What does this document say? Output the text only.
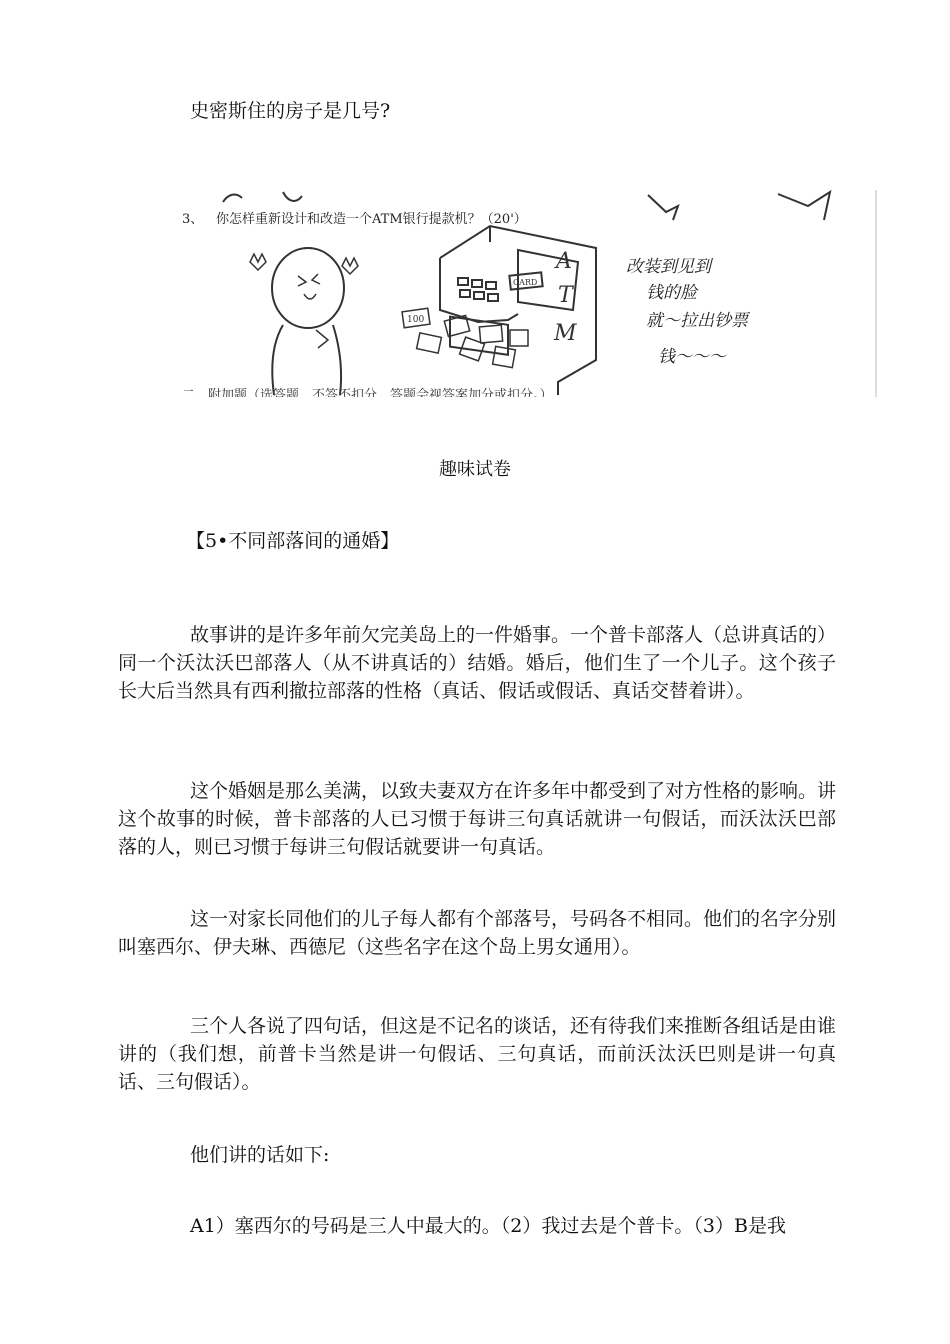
史密斯住的房子是几号?
3、 你怎样重新设计和改造一个ATM银行提款机？（20'）
100
CARD
A
T
M
改装到见到
钱的脸
就～拉出钞票
钱～～～
二、附加题（选答题，不答不扣分，答题会视答案加分或扣分。）
趣味试卷
【5•不同部落间的通婚】

故事讲的是许多年前欠完美岛上的一件婚事。一个普卡部落人（总讲真话的）同一个沃汰沃巴部落人（从不讲真话的）结婚。婚后，他们生了一个儿子。这个孩子长大后当然具有西利撤拉部落的性格（真话、假话或假话、真话交替着讲）。

这个婚姻是那么美满，以致夫妻双方在许多年中都受到了对方性格的影响。讲这个故事的时候，普卡部落的人已习惯于每讲三句真话就讲一句假话，而沃汰沃巴部落的人，则已习惯于每讲三句假话就要讲一句真话。

这一对家长同他们的儿子每人都有个部落号，号码各不相同。他们的名字分别叫塞西尔、伊夫琳、西德尼（这些名字在这个岛上男女通用）。

三个人各说了四句话，但这是不记名的谈话，还有待我们来推断各组话是由谁讲的（我们想，前普卡当然是讲一句假话、三句真话，而前沃汰沃巴则是讲一句真话、三句假话）。

他们讲的话如下:

A1）塞西尔的号码是三人中最大的。（2）我过去是个普卡。（3）B是我
